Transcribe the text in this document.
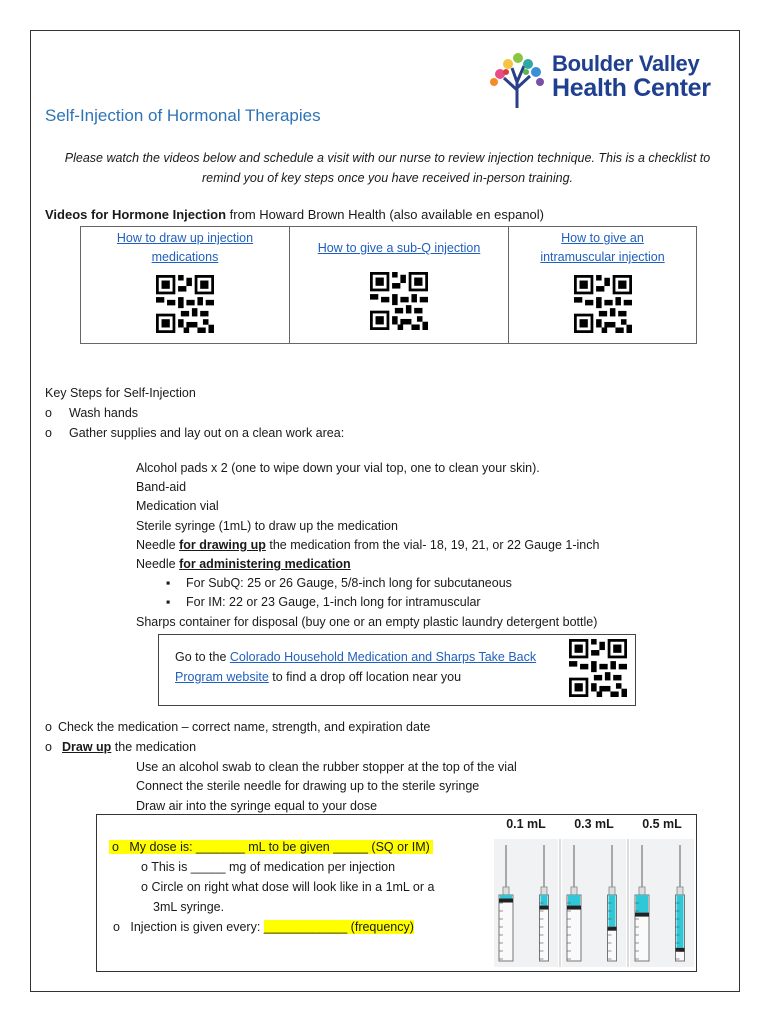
Boulder Valley
Health Center
Self-Injection of Hormonal Therapies
Please watch the videos below and schedule a visit with our nurse to review injection technique. This is a checklist to remind you of key steps once you have received in-person training.
Videos for Hormone Injection from Howard Brown Health (also available en espanol)
How to draw up injection medications

How to give a sub-Q injection

How to give an intramuscular injection
Key Steps for Self-Injection
o Wash hands
o Gather supplies and lay out on a clean work area:
Alcohol pads x 2 (one to wipe down your vial top, one to clean your skin).
Band-aid
Medication vial
Sterile syringe (1mL) to draw up the medication
Needle for drawing up the medication from the vial- 18, 19, 21, or 22 Gauge 1-inch
Needle for administering medication
▪ For SubQ: 25 or 26 Gauge, 5/8-inch long for subcutaneous
▪ For IM: 22 or 23 Gauge, 1-inch long for intramuscular
Sharps container for disposal (buy one or an empty plastic laundry detergent bottle)
Go to the Colorado Household Medication and Sharps Take Back Program website to find a drop off location near you
o Check the medication – correct name, strength, and expiration date
o Draw up the medication
Use an alcohol swab to clean the rubber stopper at the top of the vial
Connect the sterile needle for drawing up to the sterile syringe
Draw air into the syringe equal to your dose
o My dose is: _______ mL to be given _____ (SQ or IM)
o This is _____ mg of medication per injection
o Circle on right what dose will look like in a 1mL or a
3mL syringe.
o Injection is given every: ____________ (frequency)
0.1 mL	0.3 mL	0.5 mL
